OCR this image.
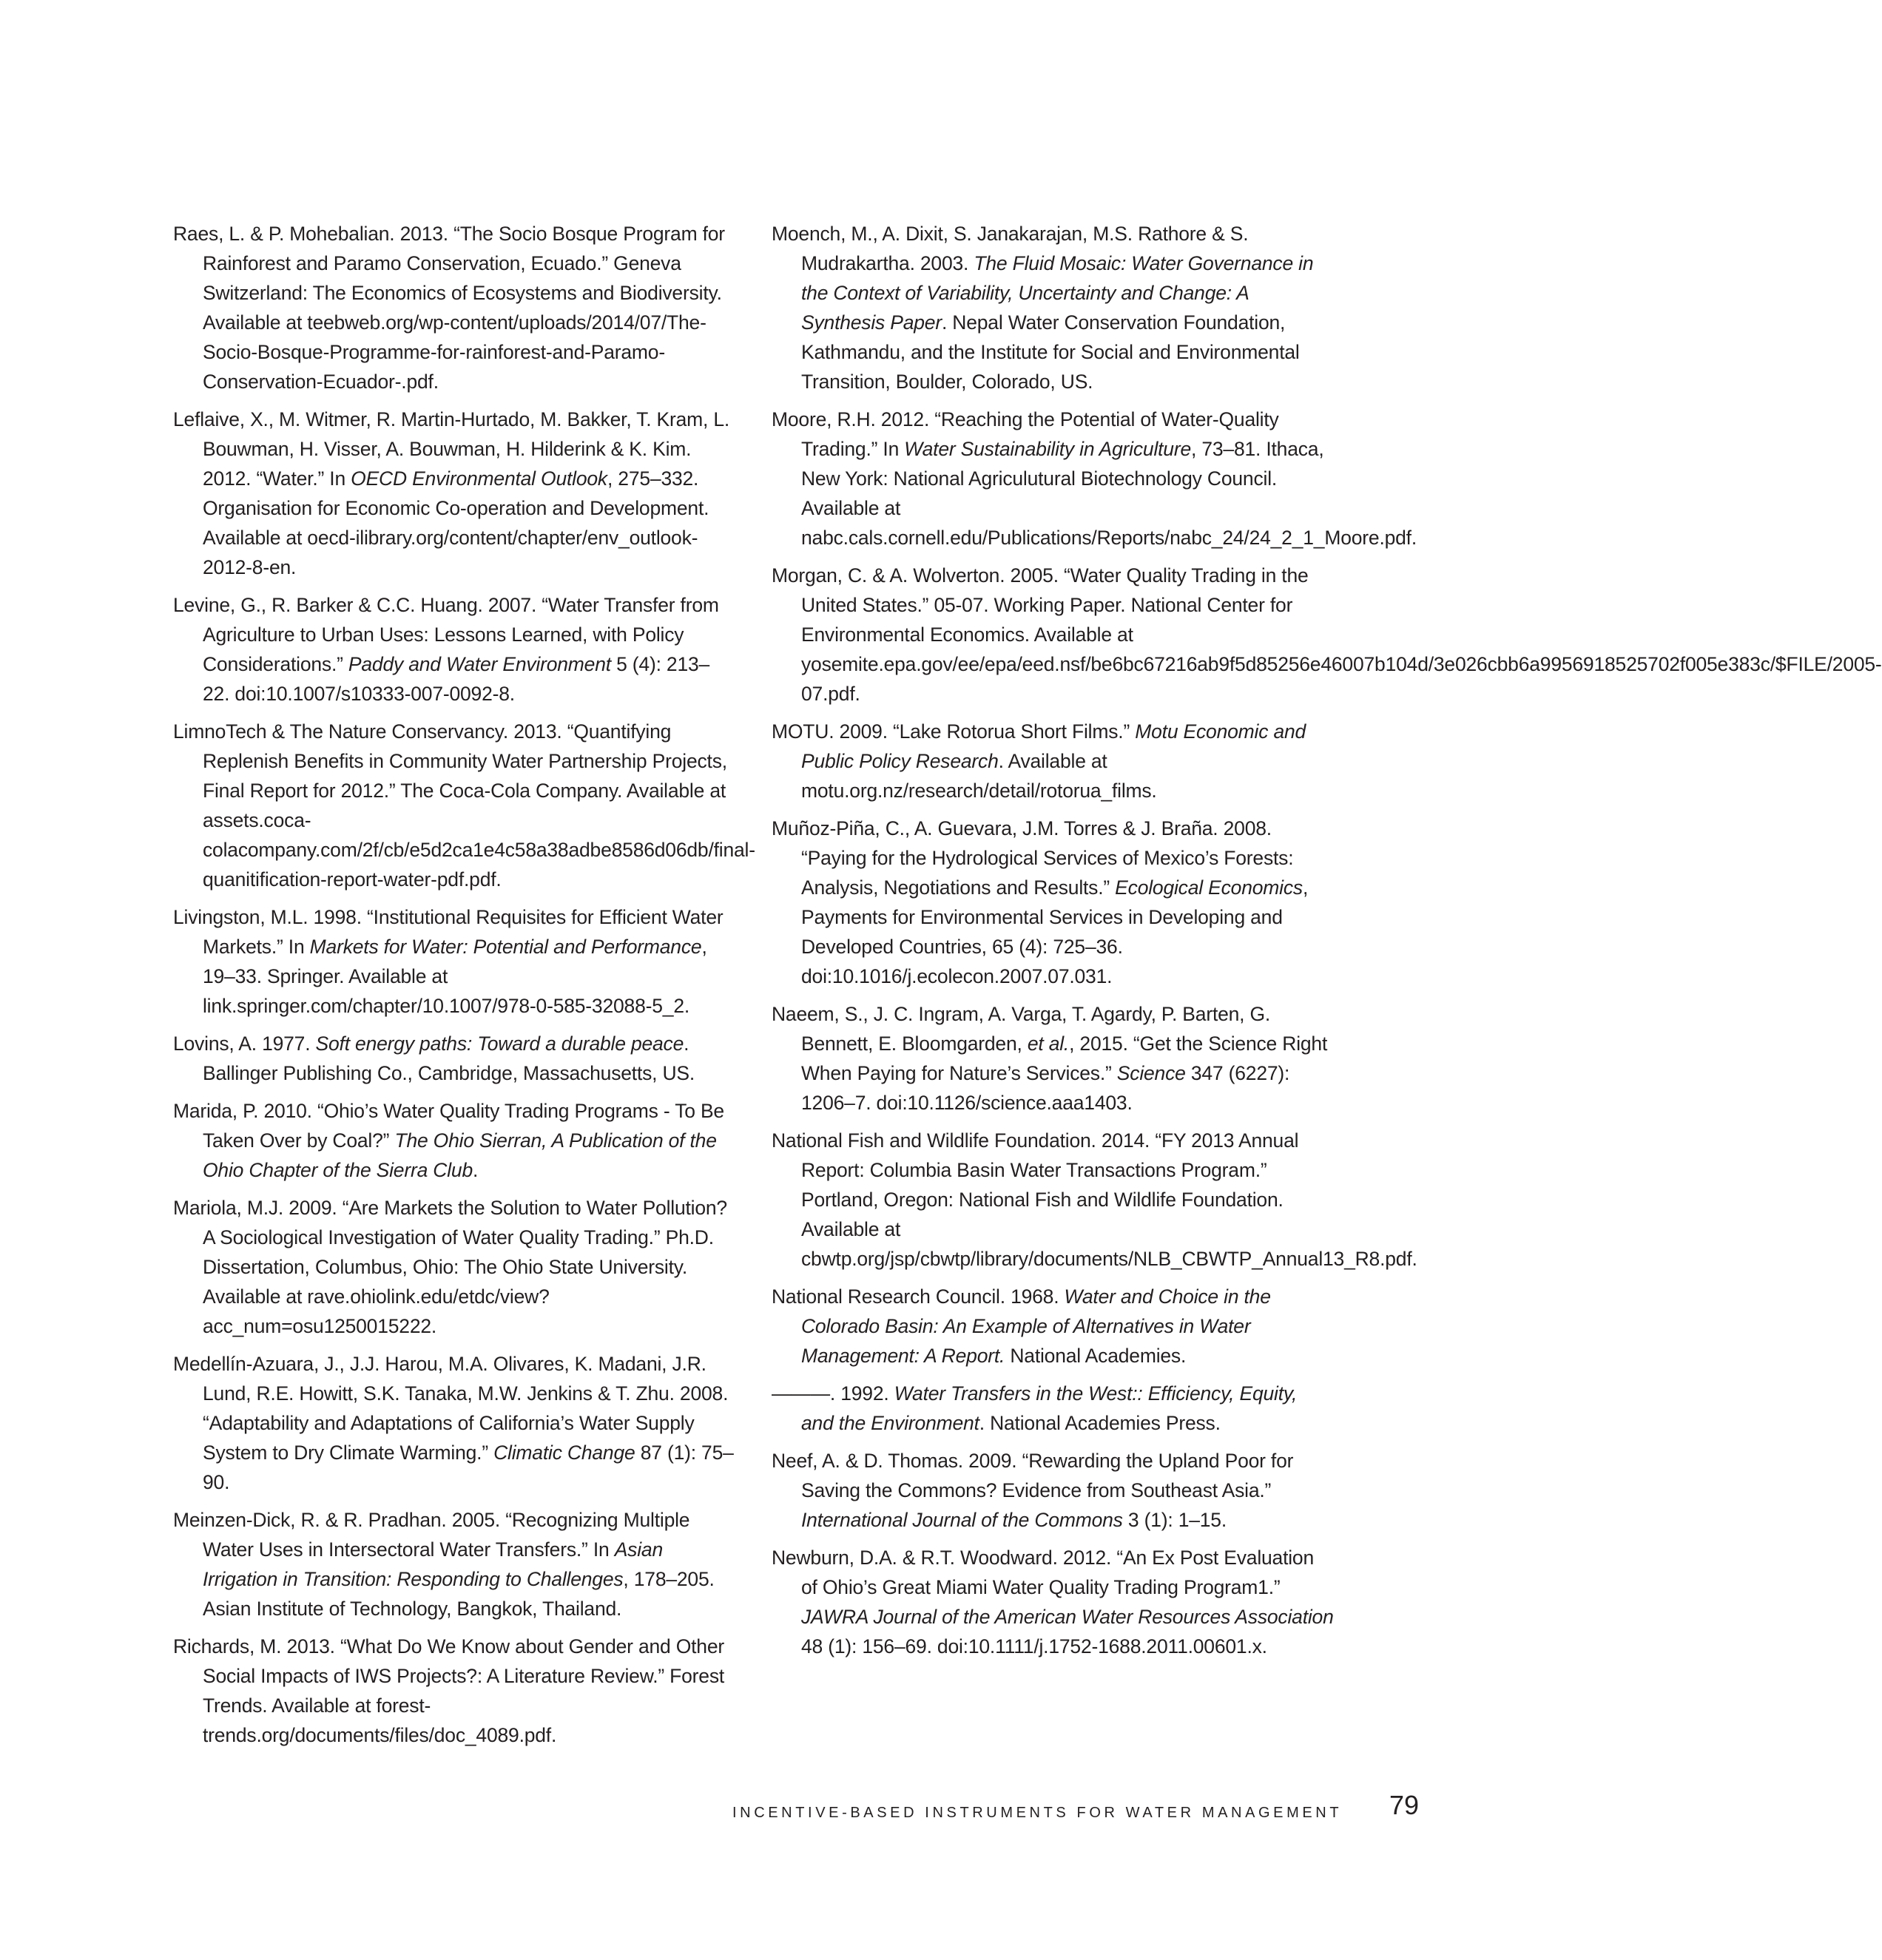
Raes, L. & P. Mohebalian. 2013. “The Socio Bosque Program for Rainforest and Paramo Conservation, Ecuado.” Geneva Switzerland: The Economics of Ecosystems and Biodiversity. Available at teebweb.org/wp-content/uploads/2014/07/The-Socio-Bosque-Programme-for-rainforest-and-Paramo-Conservation-Ecuador-.pdf.

Leflaive, X., M. Witmer, R. Martin-Hurtado, M. Bakker, T. Kram, L. Bouwman, H. Visser, A. Bouwman, H. Hilderink & K. Kim. 2012. “Water.” In OECD Environmental Outlook, 275–332. Organisation for Economic Co-operation and Development. Available at oecd-ilibrary.org/content/chapter/env_outlook-2012-8-en.

Levine, G., R. Barker & C.C. Huang. 2007. “Water Transfer from Agriculture to Urban Uses: Lessons Learned, with Policy Considerations.” Paddy and Water Environment 5 (4): 213–22. doi:10.1007/s10333-007-0092-8.

LimnoTech & The Nature Conservancy. 2013. “Quantifying Replenish Benefits in Community Water Partnership Projects, Final Report for 2012.” The Coca-Cola Company. Available at assets.coca-colacompany.com/2f/cb/e5d2ca1e4c58a38adbe8586d06db/final-quanitification-report-water-pdf.pdf.

Livingston, M.L. 1998. “Institutional Requisites for Efficient Water Markets.” In Markets for Water: Potential and Performance, 19–33. Springer. Available at link.springer.com/chapter/10.1007/978-0-585-32088-5_2.

Lovins, A. 1977. Soft energy paths: Toward a durable peace. Ballinger Publishing Co., Cambridge, Massachusetts, US.

Marida, P. 2010. “Ohio’s Water Quality Trading Programs - To Be Taken Over by Coal?” The Ohio Sierran, A Publication of the Ohio Chapter of the Sierra Club.

Mariola, M.J. 2009. “Are Markets the Solution to Water Pollution? A Sociological Investigation of Water Quality Trading.” Ph.D. Dissertation, Columbus, Ohio: The Ohio State University. Available at rave.ohiolink.edu/etdc/view?acc_num=osu1250015222.

Medellín-Azuara, J., J.J. Harou, M.A. Olivares, K. Madani, J.R. Lund, R.E. Howitt, S.K. Tanaka, M.W. Jenkins & T. Zhu. 2008. “Adaptability and Adaptations of California’s Water Supply System to Dry Climate Warming.” Climatic Change 87 (1): 75–90.

Meinzen-Dick, R. & R. Pradhan. 2005. “Recognizing Multiple Water Uses in Intersectoral Water Transfers.” In Asian Irrigation in Transition: Responding to Challenges, 178–205. Asian Institute of Technology, Bangkok, Thailand.

Richards, M. 2013. “What Do We Know about Gender and Other Social Impacts of IWS Projects?: A Literature Review.” Forest Trends. Available at forest-trends.org/documents/files/doc_4089.pdf.

Moench, M., A. Dixit, S. Janakarajan, M.S. Rathore & S. Mudrakartha. 2003. The Fluid Mosaic: Water Governance in the Context of Variability, Uncertainty and Change: A Synthesis Paper. Nepal Water Conservation Foundation, Kathmandu, and the Institute for Social and Environmental Transition, Boulder, Colorado, US.

Moore, R.H. 2012. “Reaching the Potential of Water-Quality Trading.” In Water Sustainability in Agriculture, 73–81. Ithaca, New York: National Agriculutural Biotechnology Council. Available at nabc.cals.cornell.edu/Publications/Reports/nabc_24/24_2_1_Moore.pdf.

Morgan, C. & A. Wolverton. 2005. “Water Quality Trading in the United States.” 05-07. Working Paper. National Center for Environmental Economics. Available at yosemite.epa.gov/ee/epa/eed.nsf/be6bc67216ab9f5d85256e46007b104d/3e026cbb6a9956918525702f005e383c/$FILE/2005-07.pdf.

MOTU. 2009. “Lake Rotorua Short Films.” Motu Economic and Public Policy Research. Available at motu.org.nz/research/detail/rotorua_films.

Muñoz-Piña, C., A. Guevara, J.M. Torres & J. Braña. 2008. “Paying for the Hydrological Services of Mexico’s Forests: Analysis, Negotiations and Results.” Ecological Economics, Payments for Environmental Services in Developing and Developed Countries, 65 (4): 725–36. doi:10.1016/j.ecolecon.2007.07.031.

Naeem, S., J. C. Ingram, A. Varga, T. Agardy, P. Barten, G. Bennett, E. Bloomgarden, et al., 2015. “Get the Science Right When Paying for Nature’s Services.” Science 347 (6227): 1206–7. doi:10.1126/science.aaa1403.

National Fish and Wildlife Foundation. 2014. “FY 2013 Annual Report: Columbia Basin Water Transactions Program.” Portland, Oregon: National Fish and Wildlife Foundation. Available at cbwtp.org/jsp/cbwtp/library/documents/NLB_CBWTP_Annual13_R8.pdf.

National Research Council. 1968. Water and Choice in the Colorado Basin: An Example of Alternatives in Water Management: A Report. National Academies.

———. 1992. Water Transfers in the West:: Efficiency, Equity, and the Environment. National Academies Press.

Neef, A. & D. Thomas. 2009. “Rewarding the Upland Poor for Saving the Commons? Evidence from Southeast Asia.” International Journal of the Commons 3 (1): 1–15.

Newburn, D.A. & R.T. Woodward. 2012. “An Ex Post Evaluation of Ohio’s Great Miami Water Quality Trading Program1.” JAWRA Journal of the American Water Resources Association 48 (1): 156–69. doi:10.1111/j.1752-1688.2011.00601.x.

INCENTIVE-BASED INSTRUMENTS FOR WATER MANAGEMENT 79
